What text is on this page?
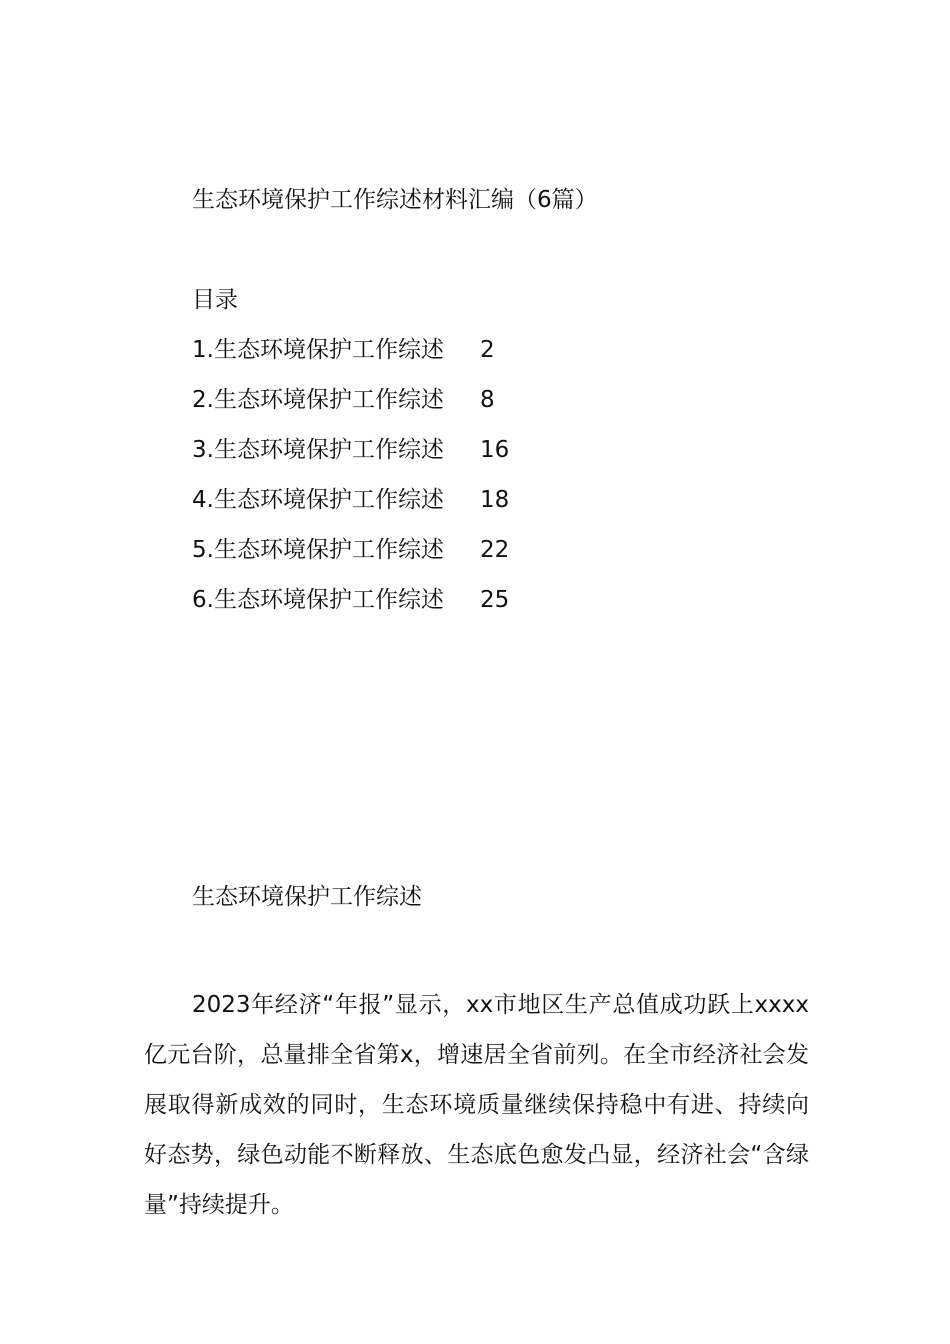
生态环境保护工作综述材料汇编（6篇）
目录
1.生态环境保护工作综述	2
2.生态环境保护工作综述	8
3.生态环境保护工作综述	16
4.生态环境保护工作综述	18
5.生态环境保护工作综述	22
6.生态环境保护工作综述	25
生态环境保护工作综述

2023年经济“年报”显示，xx市地区生产总值成功跃上xxxx亿元台阶，总量排全省第x，增速居全省前列。在全市经济社会发展取得新成效的同时，生态环境质量继续保持稳中有进、持续向好态势，绿色动能不断释放、生态底色愈发凸显，经济社会“含绿量”持续提升。
